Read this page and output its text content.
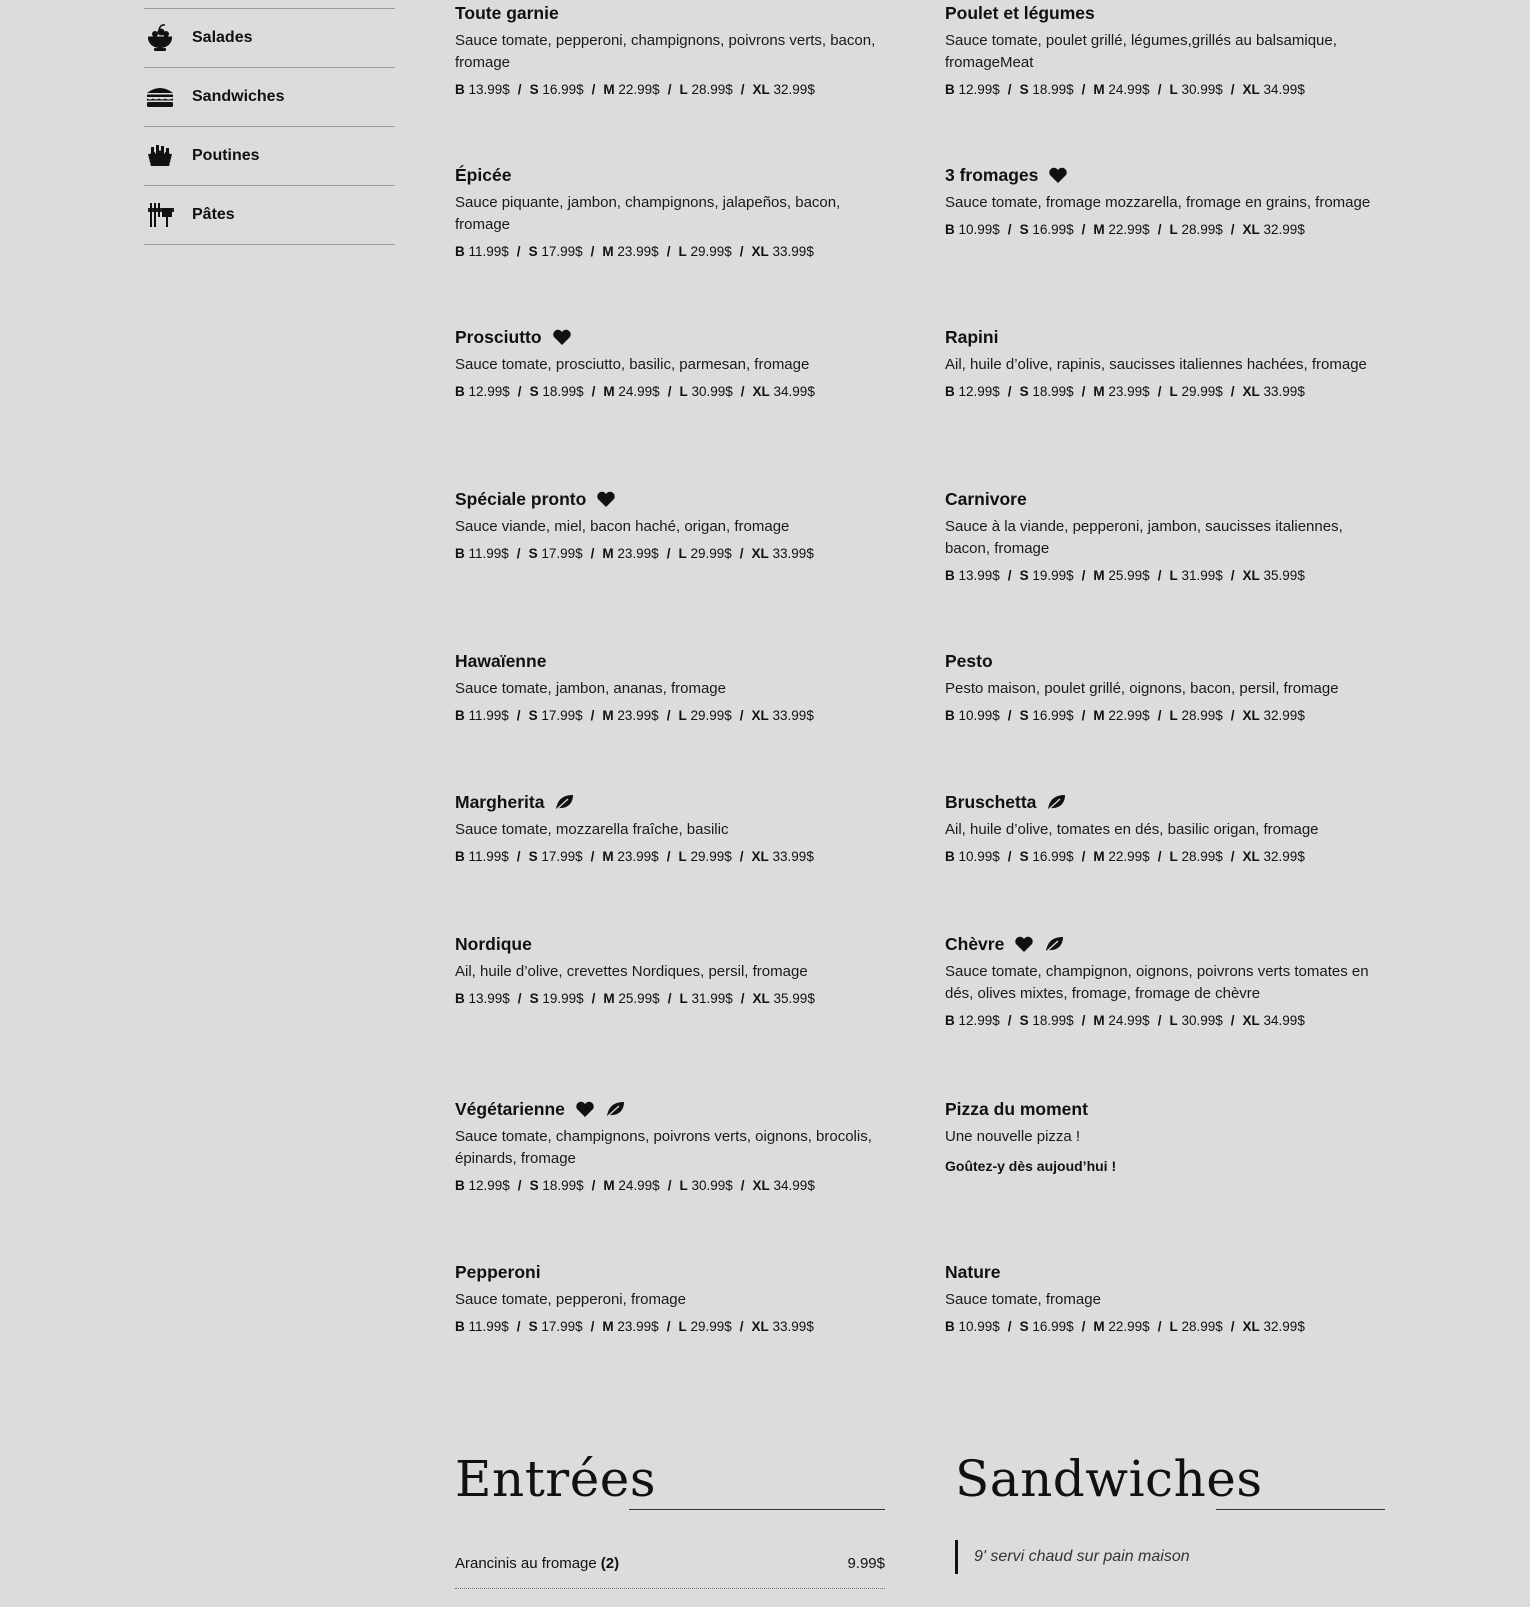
Salades
Sandwiches
Poutines
Pâtes
Toute garnie
Sauce tomate, pepperoni, champignons, poivrons verts, bacon, fromage
B 13.99$ / S 16.99$ / M 22.99$ / L 28.99$ / XL 32.99$
Poulet et légumes
Sauce tomate, poulet grillé, légumes,grillés au balsamique, fromageMeat
B 12.99$ / S 18.99$ / M 24.99$ / L 30.99$ / XL 34.99$
Épicée
Sauce piquante, jambon, champignons, jalapeños, bacon, fromage
B 11.99$ / S 17.99$ / M 23.99$ / L 29.99$ / XL 33.99$
3 fromages
Sauce tomate, fromage mozzarella, fromage en grains, fromage
B 10.99$ / S 16.99$ / M 22.99$ / L 28.99$ / XL 32.99$
Prosciutto
Sauce tomate, prosciutto, basilic, parmesan, fromage
B 12.99$ / S 18.99$ / M 24.99$ / L 30.99$ / XL 34.99$
Rapini
Ail, huile d’olive, rapinis, saucisses italiennes hachées, fromage
B 12.99$ / S 18.99$ / M 23.99$ / L 29.99$ / XL 33.99$
Spéciale pronto
Sauce viande, miel, bacon haché, origan, fromage
B 11.99$ / S 17.99$ / M 23.99$ / L 29.99$ / XL 33.99$
Carnivore
Sauce à la viande, pepperoni, jambon, saucisses italiennes, bacon, fromage
B 13.99$ / S 19.99$ / M 25.99$ / L 31.99$ / XL 35.99$
Hawaïenne
Sauce tomate, jambon, ananas, fromage
B 11.99$ / S 17.99$ / M 23.99$ / L 29.99$ / XL 33.99$
Pesto
Pesto maison, poulet grillé, oignons, bacon, persil, fromage
B 10.99$ / S 16.99$ / M 22.99$ / L 28.99$ / XL 32.99$
Margherita
Sauce tomate, mozzarella fraîche, basilic
B 11.99$ / S 17.99$ / M 23.99$ / L 29.99$ / XL 33.99$
Bruschetta
Ail, huile d’olive, tomates en dés, basilic origan, fromage
B 10.99$ / S 16.99$ / M 22.99$ / L 28.99$ / XL 32.99$
Nordique
Ail, huile d’olive, crevettes Nordiques, persil, fromage
B 13.99$ / S 19.99$ / M 25.99$ / L 31.99$ / XL 35.99$
Chèvre
Sauce tomate, champignon, oignons, poivrons verts tomates en dés, olives mixtes, fromage, fromage de chèvre
B 12.99$ / S 18.99$ / M 24.99$ / L 30.99$ / XL 34.99$
Végétarienne
Sauce tomate, champignons, poivrons verts, oignons, brocolis, épinards, fromage
B 12.99$ / S 18.99$ / M 24.99$ / L 30.99$ / XL 34.99$
Pizza du moment
Une nouvelle pizza !
Goûtez-y dès aujoud’hui !
Pepperoni
Sauce tomate, pepperoni, fromage
B 11.99$ / S 17.99$ / M 23.99$ / L 29.99$ / XL 33.99$
Nature
Sauce tomate, fromage
B 10.99$ / S 16.99$ / M 22.99$ / L 28.99$ / XL 32.99$
Entrées
Arancinis au fromage (2)	9.99$
Sandwiches
9' servi chaud sur pain maison
